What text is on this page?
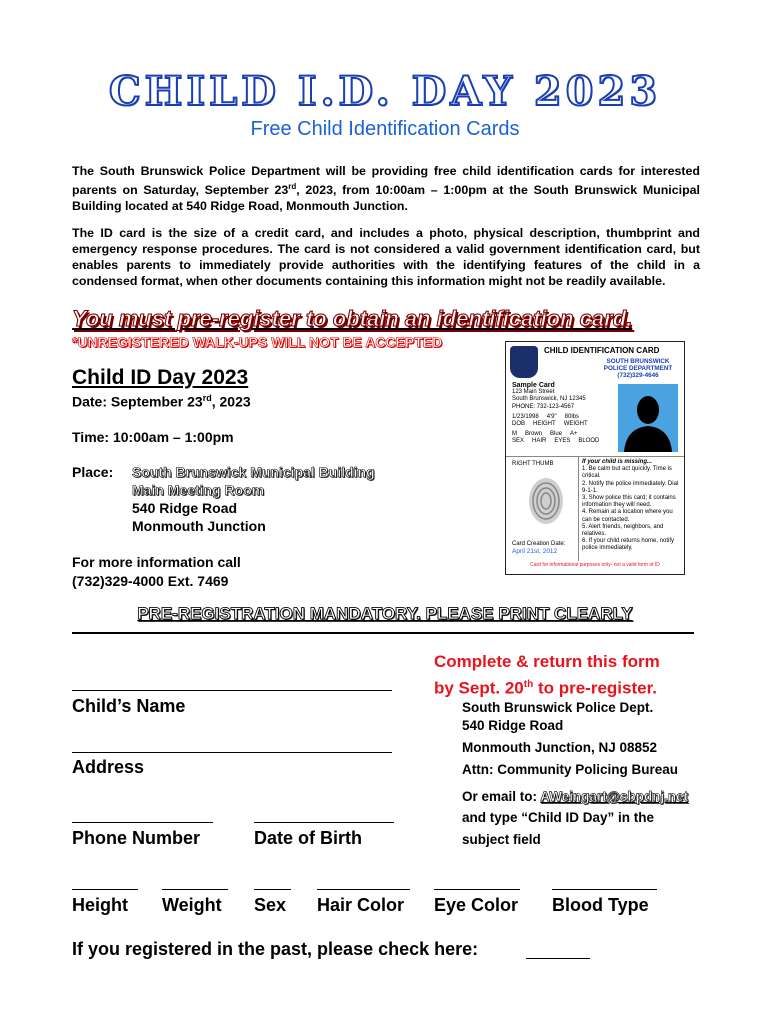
CHILD I.D. DAY 2023
Free Child Identification Cards
The South Brunswick Police Department will be providing free child identification cards for interested parents on Saturday, September 23rd, 2023, from 10:00am – 1:00pm at the South Brunswick Municipal Building located at 540 Ridge Road, Monmouth Junction.
The ID card is the size of a credit card, and includes a photo, physical description, thumbprint and emergency response procedures. The card is not considered a valid government identification card, but enables parents to immediately provide authorities with the identifying features of the child in a condensed format, when other documents containing this information might not be readily available.
You must pre-register to obtain an identification card.
*UNREGISTERED WALK-UPS WILL NOT BE ACCEPTED
Child ID Day 2023
Date: September 23rd, 2023
Time: 10:00am – 1:00pm
Place: South Brunswick Municipal Building
Main Meeting Room
540 Ridge Road
Monmouth Junction
For more information call
(732)329-4000 Ext. 7469
CHILD IDENTIFICATION CARD
SOUTH BRUNSWICK
POLICE DEPARTMENT
(732)329-4646
Sample Card
123 Main Street
South Brunswick, NJ 12345
PHONE: 732-123-4567
1/23/1998 4'9" 80lbs
DOB HEIGHT WEIGHT
M Brown Blue A+
SEX HAIR EYES BLOOD
RIGHT THUMB
Card Creation Date:
April 21st, 2012
If your child is missing...
1. Be calm but act quickly. Time is critical.
2. Notify the police immediately. Dial 9-1-1.
3. Show police this card; it contains information they will need.
4. Remain at a location where you can be contacted.
5. Alert friends, neighbors, and relatives.
6. If your child returns home, notify police immediately.
Card for informational purposes only- not a valid form of ID
PRE-REGISTRATION MANDATORY. PLEASE PRINT CLEARLY
Child’s Name
Address
Phone Number	Date of Birth
Complete & return this form
by Sept. 20th to pre-register.
South Brunswick Police Dept.
540 Ridge Road
Monmouth Junction, NJ 08852
Attn: Community Policing Bureau
Or email to: AWeingart@sbpdnj.net
and type “Child ID Day” in the
subject field
Height Weight Sex Hair Color Eye Color Blood Type
If you registered in the past, please check here:
